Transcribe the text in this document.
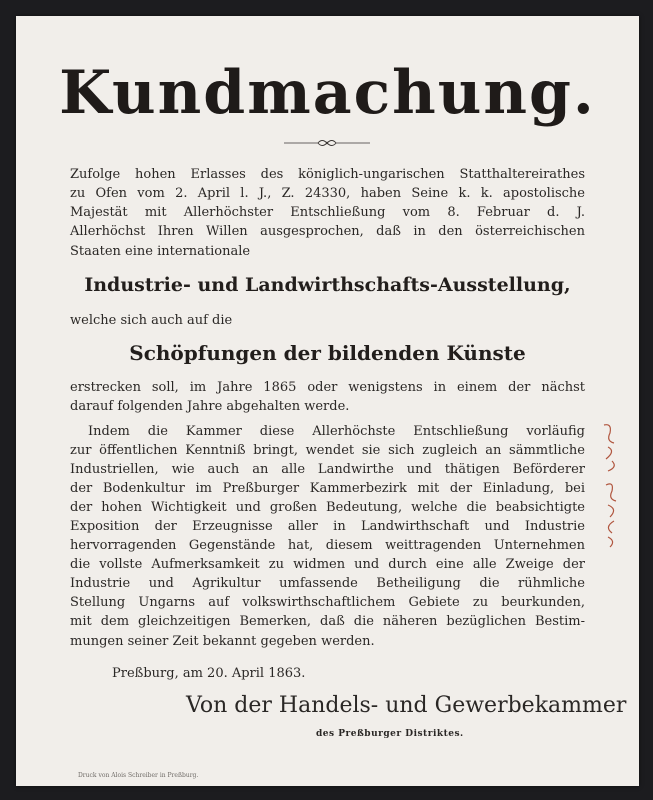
Kundmachung.
Zufolge hohen Erlasses des königlich-ungarischen Statthaltereirathes
zu Ofen vom 2. April l. J., Z. 24330, haben Seine k. k. apostolische
Majestät mit Allerhöchster Entschließung vom 8. Februar d. J.
Allerhöchst Ihren Willen ausgesprochen, daß in den österreichischen
Staaten eine internationale
Industrie- und Landwirthschafts-Ausstellung,
welche sich auch auf die
Schöpfungen der bildenden Künste
erstrecken soll, im Jahre 1865 oder wenigstens in einem der nächst
darauf folgenden Jahre abgehalten werde.
Indem die Kammer diese Allerhöchste Entschließung vorläufig
zur öffentlichen Kenntniß bringt, wendet sie sich zugleich an sämmtliche
Industriellen, wie auch an alle Landwirthe und thätigen Beförderer
der Bodenkultur im Preßburger Kammerbezirk mit der Einladung, bei
der hohen Wichtigkeit und großen Bedeutung, welche die beabsichtigte
Exposition der Erzeugnisse aller in Landwirthschaft und Industrie
hervorragenden Gegenstände hat, diesem weittragenden Unternehmen
die vollste Aufmerksamkeit zu widmen und durch eine alle Zweige der
Industrie und Agrikultur umfassende Betheiligung die rühmliche
Stellung Ungarns auf volkswirthschaftlichem Gebiete zu beurkunden,
mit dem gleichzeitigen Bemerken, daß die näheren bezüglichen Bestim-
mungen seiner Zeit bekannt gegeben werden.
Preßburg, am 20. April 1863.
Von der Handels- und Gewerbekammer
des Preßburger Distriktes.
Druck von Alois Schreiber in Preßburg.
